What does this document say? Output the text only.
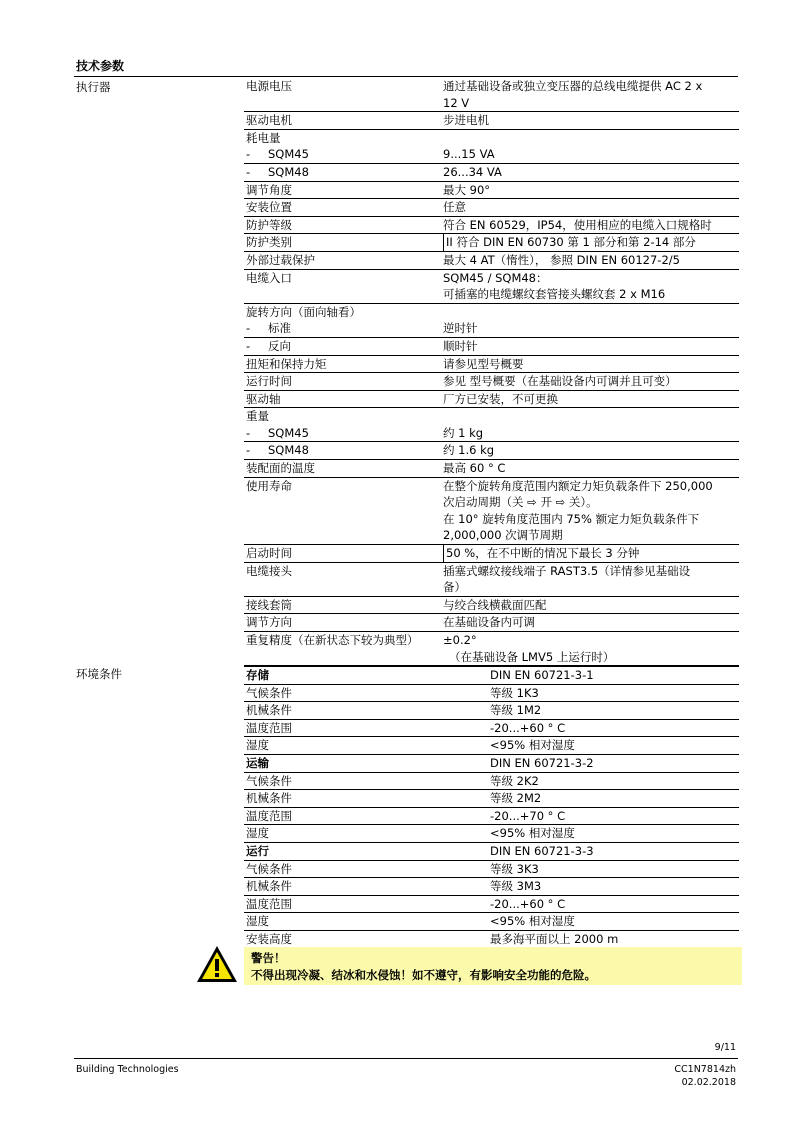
技术参数
执行器	电源电压	通过基础设备或独立变压器的总线电缆提供 AC 2 x
12 V
驱动电机	步进电机
耗电量
- SQM45	9...15 VA
- SQM48	26...34 VA
调节角度	最大 90°
安装位置	任意
防护等级	符合 EN 60529，IP54，使用相应的电缆入口规格时
防护类别	II 符合 DIN EN 60730 第 1 部分和第 2-14 部分
外部过载保护	最大 4 AT（惰性）， 参照 DIN EN 60127-2/5
电缆入口	SQM45 / SQM48：
可插塞的电缆螺纹套管接头螺纹套 2 x M16
旋转方向（面向轴看）
- 标准	逆时针
- 反向	顺时针
扭矩和保持力矩	请参见型号概要
运行时间	参见 型号概要（在基础设备内可调并且可变）
驱动轴	厂方已安装，不可更换
重量
- SQM45	约 1 kg
- SQM48	约 1.6 kg
装配面的温度	最高 60 ° C
使用寿命	在整个旋转角度范围内额定力矩负载条件下 250,000
次启动周期（关 ⇨ 开 ⇨ 关）。
在 10° 旋转角度范围内 75% 额定力矩负载条件下
2,000,000 次调节周期
启动时间	50 %，在不中断的情况下最长 3 分钟
电缆接头	插塞式螺纹接线端子 RAST3.5（详情参见基础设
备）
接线套筒	与绞合线横截面匹配
调节方向	在基础设备内可调
重复精度（在新状态下较为典型）	±0.2°
（在基础设备 LMV5 上运行时）
环境条件	存储	DIN EN 60721-3-1
气候条件	等级 1K3
机械条件	等级 1M2
温度范围	-20...+60 ° C
湿度	<95% 相对湿度
运输	DIN EN 60721-3-2
气候条件	等级 2K2
机械条件	等级 2M2
温度范围	-20...+70 ° C
湿度	<95% 相对湿度
运行	DIN EN 60721-3-3
气候条件	等级 3K3
机械条件	等级 3M3
温度范围	-20...+60 ° C
湿度	<95% 相对湿度
安装高度	最多海平面以上 2000 m
警告！
不得出现冷凝、结冰和水侵蚀！如不遵守，有影响安全功能的危险。
9/11
Building Technologies	CC1N7814zh
02.02.2018
